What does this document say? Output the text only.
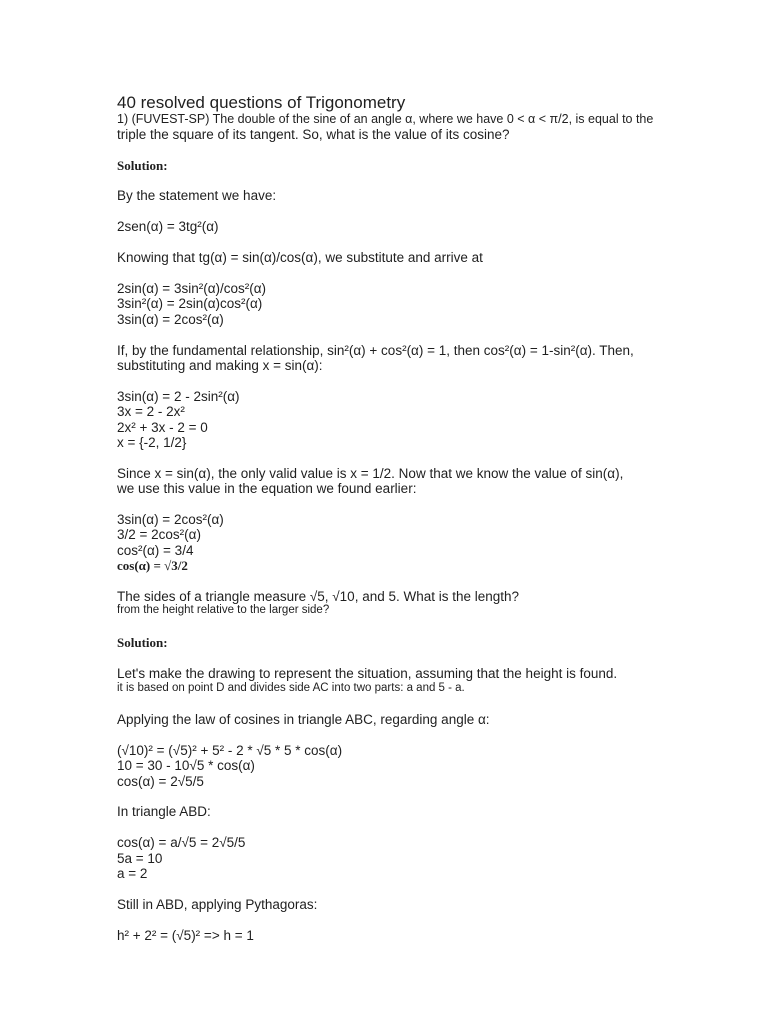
40 resolved questions of Trigonometry
1) (FUVEST-SP) The double of the sine of an angle α, where we have 0 < α < π/2, is equal to the
triple the square of its tangent. So, what is the value of its cosine?
Solution:
By the statement we have:
2sen(α) = 3tg²(α)
Knowing that tg(α) = sin(α)/cos(α), we substitute and arrive at
2sin(α) = 3sin²(α)/cos²(α)
3sin²(α) = 2sin(α)cos²(α)
3sin(α) = 2cos²(α)
If, by the fundamental relationship, sin²(α) + cos²(α) = 1, then cos²(α) = 1-sin²(α). Then,
substituting and making x = sin(α):
3sin(α) = 2 - 2sin²(α)
3x = 2 - 2x²
2x² + 3x - 2 = 0
x = {-2, 1/2}
Since x = sin(α), the only valid value is x = 1/2. Now that we know the value of sin(α),
we use this value in the equation we found earlier:
3sin(α) = 2cos²(α)
3/2 = 2cos²(α)
cos²(α) = 3/4
cos(α) = √3/2
The sides of a triangle measure √5, √10, and 5. What is the length?
from the height relative to the larger side?
Solution:
Let's make the drawing to represent the situation, assuming that the height is found.
it is based on point D and divides side AC into two parts: a and 5 - a.
Applying the law of cosines in triangle ABC, regarding angle α:
(√10)² = (√5)² + 5² - 2 * √5 * 5 * cos(α)
10 = 30 - 10√5 * cos(α)
cos(α) = 2√5/5
In triangle ABD:
cos(α) = a/√5 = 2√5/5
5a = 10
a = 2
Still in ABD, applying Pythagoras:
h² + 2² = (√5)² => h = 1
